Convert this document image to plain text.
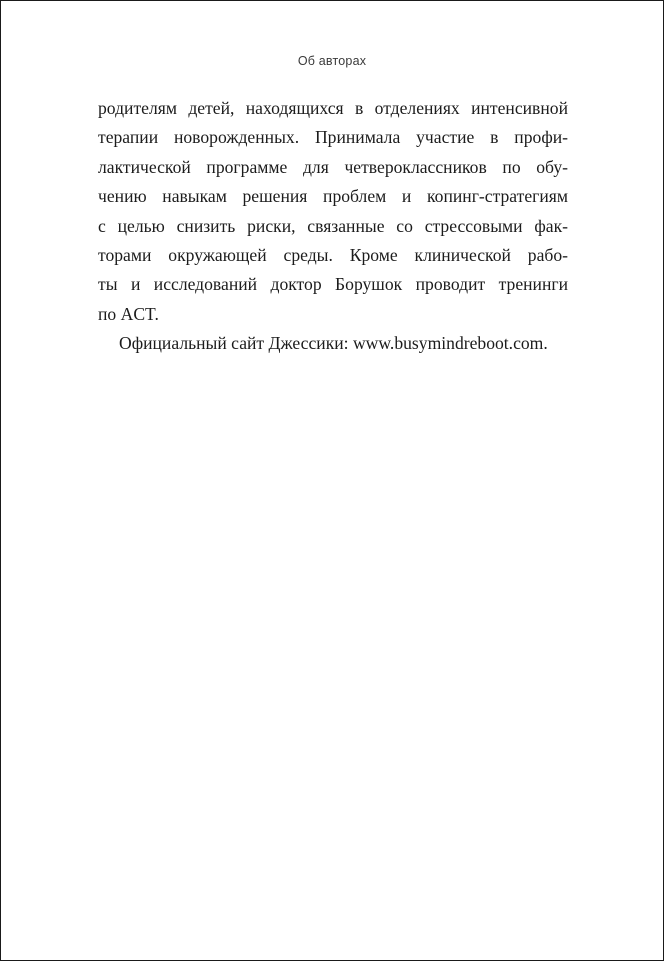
Об авторах

родителям детей, находящихся в отделениях интенсивной
терапии новорожденных. Принимала участие в профи-
лактической программе для четвероклассников по обу-
чению навыкам решения проблем и копинг-стратегиям
с целью снизить риски, связанные со стрессовыми фак-
торами окружающей среды. Кроме клинической рабо-
ты и исследований доктор Борушок проводит тренинги
по ACT.

Официальный сайт Джессики: www.busymindreboot.com.
